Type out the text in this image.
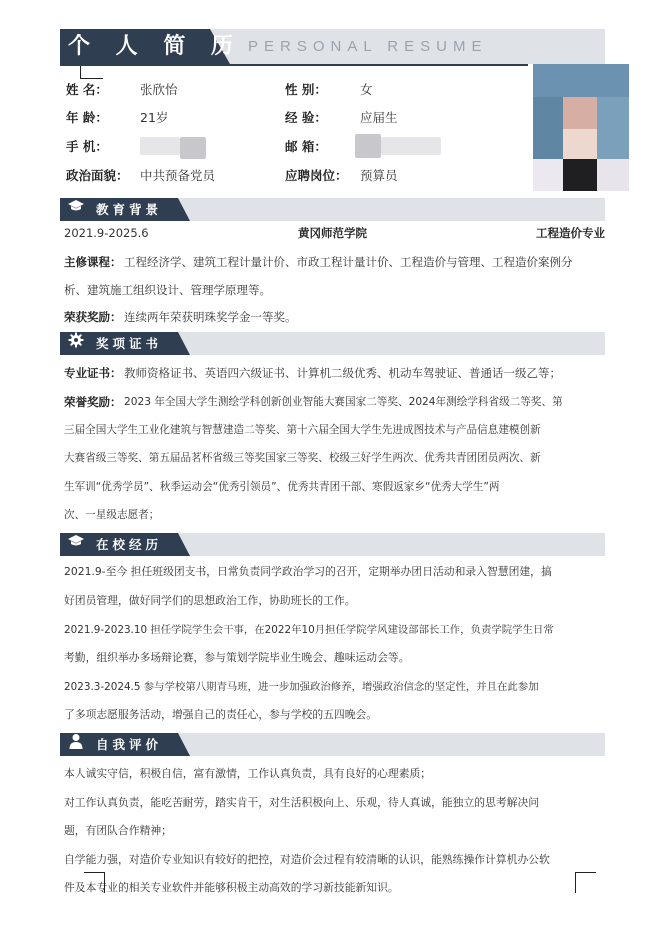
个 人 简 历 PERSONAL RESUME
姓 名：	张欣怡	性 别：	女
年 龄：	21岁	经 验：	应届生
手 机：	邮 箱：
政治面貌： 中共预备党员	应聘岗位： 预算员
教育背景
2021.9-2025.6	黄冈师范学院	工程造价专业
主修课程： 工程经济学、建筑工程计量计价、市政工程计量计价、工程造价与管理、工程造价案例分
析、建筑施工组织设计、管理学原理等。
荣获奖励： 连续两年荣获明珠奖学金一等奖。
奖项证书
专业证书： 教师资格证书、英语四六级证书、计算机二级优秀、机动车驾驶证、普通话一级乙等；
荣誉奖励： 2023 年全国大学生测绘学科创新创业智能大赛国家二等奖、2024年测绘学科省级二等奖、第
三届全国大学生工业化建筑与智慧建造二等奖、第十六届全国大学生先进成图技术与产品信息建模创新
大赛省级三等奖、第五届品茗杯省级三等奖国家三等奖、校级三好学生两次、优秀共青团团员两次、新
生军训“优秀学员”、秋季运动会“优秀引领员”、优秀共青团干部、寒假返家乡“优秀大学生”两
次、一星级志愿者；
在校经历
2021.9-至今 担任班级团支书，日常负责同学政治学习的召开，定期举办团日活动和录入智慧团建，搞
好团员管理，做好同学们的思想政治工作，协助班长的工作。
2021.9-2023.10 担任学院学生会干事，在2022年10月担任学院学风建设部部长工作，负责学院学生日常
考勤，组织举办多场辩论赛，参与策划学院毕业生晚会、趣味运动会等。
2023.3-2024.5 参与学校第八期青马班，进一步加强政治修养，增强政治信念的坚定性，并且在此参加
了多项志愿服务活动，增强自己的责任心，参与学校的五四晚会。
自我评价
本人诚实守信，积极自信，富有激情，工作认真负责，具有良好的心理素质；
对工作认真负责，能吃苦耐劳，踏实肯干，对生活积极向上、乐观，待人真诚，能独立的思考解决问
题，有团队合作精神；
自学能力强，对造价专业知识有较好的把控，对造价会过程有较清晰的认识，能熟练操作计算机办公软
件及本专业的相关专业软件并能够积极主动高效的学习新技能新知识。
